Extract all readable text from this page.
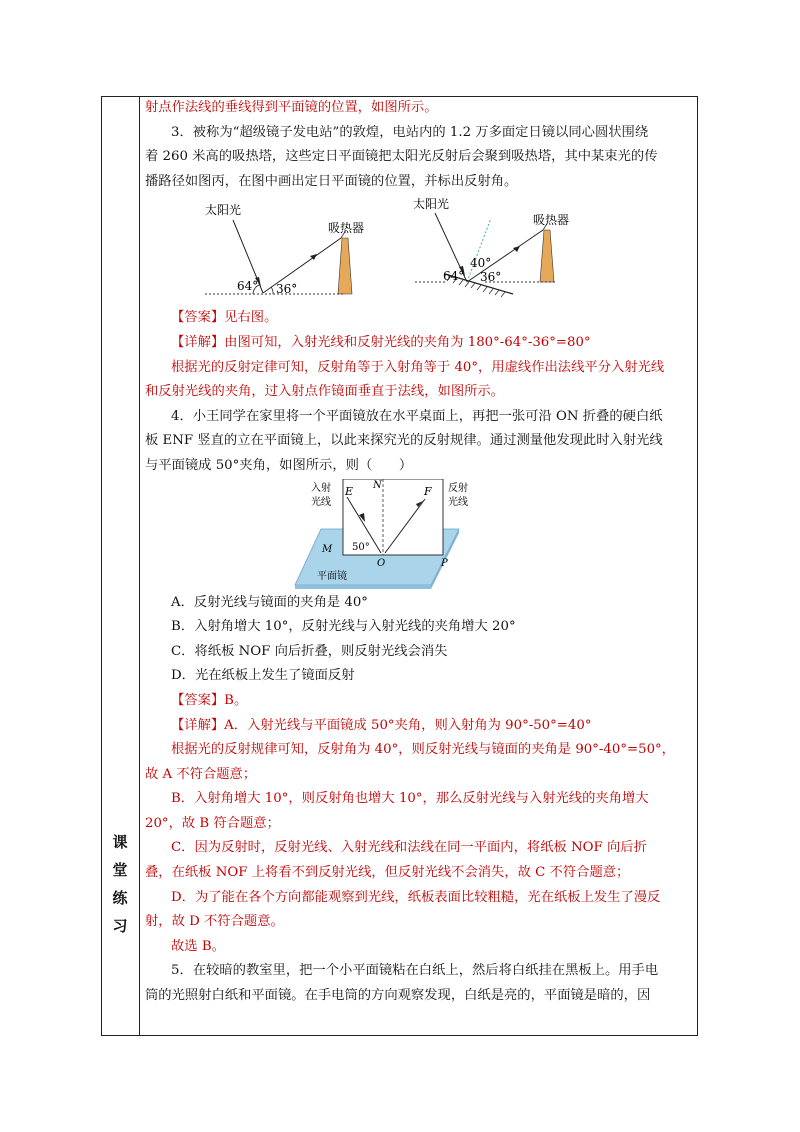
课
堂
练
习

射点作法线的垂线得到平面镜的位置，如图所示。

3．被称为“超级镜子发电站”的敦煌，电站内的 1.2 万多面定日镜以同心圆状围绕

着 260 米高的吸热塔，这些定日平面镜把太阳光反射后会聚到吸热塔，其中某束光的传

播路径如图丙，在图中画出定日平面镜的位置，并标出反射角。

太阳光
吸热器
64° 36°
太阳光
吸热器
64° 36°
40°

【答案】见右图。

【详解】由图可知，入射光线和反射光线的夹角为 180°-64°-36°=80°

根据光的反射定律可知，反射角等于入射角等于 40°，用虚线作出法线平分入射光线

和反射光线的夹角，过入射点作镜面垂直于法线，如图所示。

4．小王同学在家里将一个平面镜放在水平桌面上，再把一张可沿 ON 折叠的硬白纸

板 ENF 竖直的立在平面镜上，以此来探究光的反射规律。通过测量他发现此时入射光线

与平面镜成 50°夹角，如图所示，则（　　）

入射
光线
反射
光线
E N	F
M
O	P
50°
平面镜

A．反射光线与镜面的夹角是 40°

B．入射角增大 10°，反射光线与入射光线的夹角增大 20°

C．将纸板 NOF 向后折叠，则反射光线会消失

D．光在纸板上发生了镜面反射

【答案】B。

【详解】A．入射光线与平面镜成 50°夹角，则入射角为 90°-50°=40°

根据光的反射规律可知，反射角为 40°，则反射光线与镜面的夹角是 90°-40°=50°，

故 A 不符合题意；

B．入射角增大 10°，则反射角也增大 10°，那么反射光线与入射光线的夹角增大

20°，故 B 符合题意；

C．因为反射时，反射光线、入射光线和法线在同一平面内，将纸板 NOF 向后折

叠，在纸板 NOF 上将看不到反射光线，但反射光线不会消失，故 C 不符合题意；

D．为了能在各个方向都能观察到光线，纸板表面比较粗糙，光在纸板上发生了漫反

射，故 D 不符合题意。

故选 B。

5．在较暗的教室里，把一个小平面镜粘在白纸上，然后将白纸挂在黑板上。用手电

筒的光照射白纸和平面镜。在手电筒的方向观察发现，白纸是亮的，平面镜是暗的，因
